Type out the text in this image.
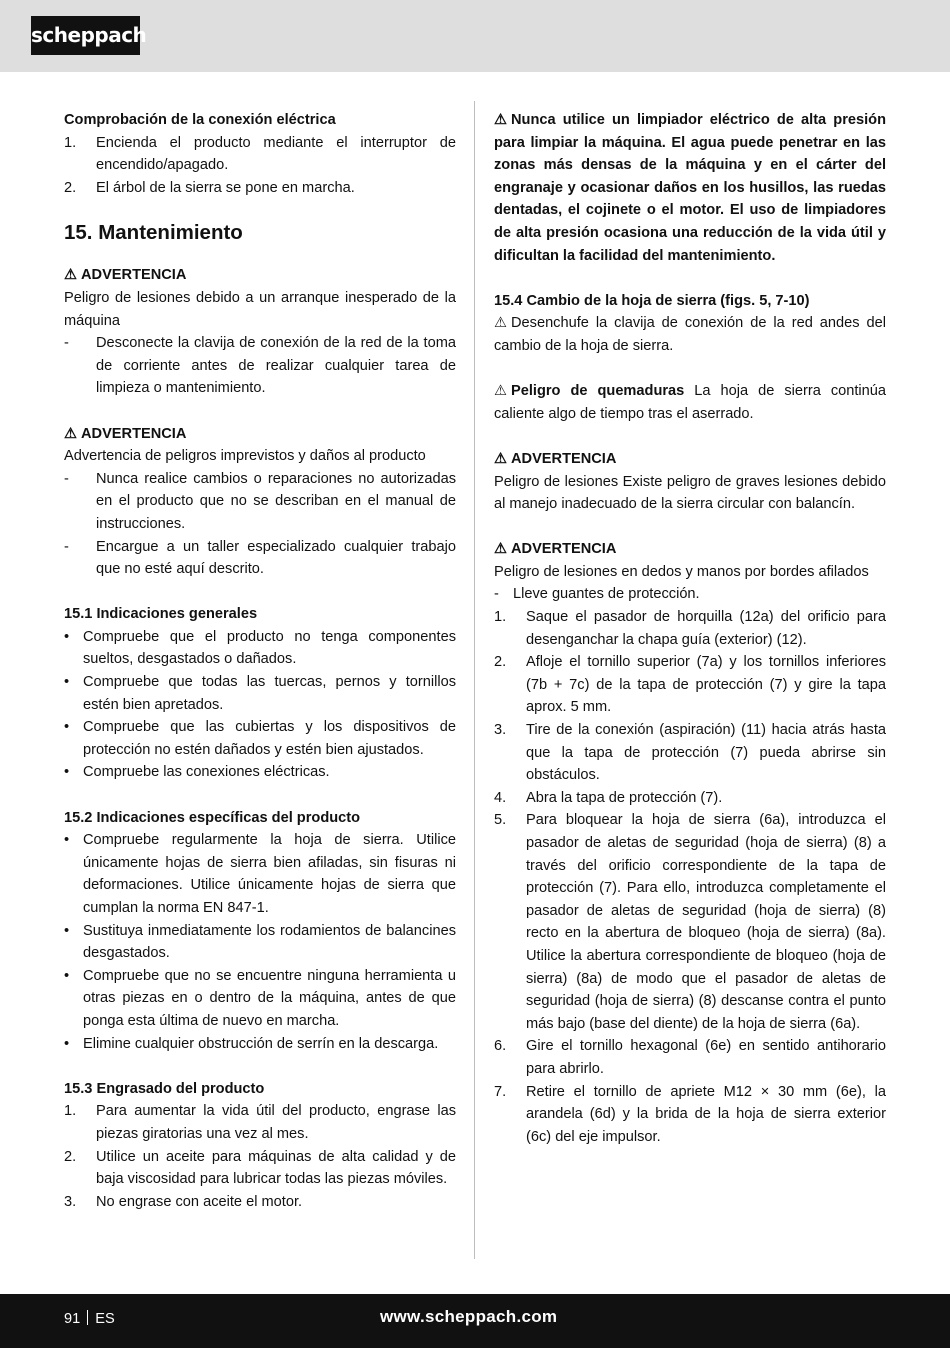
scheppach
Comprobación de la conexión eléctrica
1.	Encienda el producto mediante el interruptor de encendido/apagado.
2.	El árbol de la sierra se pone en marcha.
15. Mantenimiento
⚠ ADVERTENCIA
Peligro de lesiones debido a un arranque inesperado de la máquina
-	Desconecte la clavija de conexión de la red de la toma de corriente antes de realizar cualquier tarea de limpieza o mantenimiento.
⚠ ADVERTENCIA
Advertencia de peligros imprevistos y daños al producto
-	Nunca realice cambios o reparaciones no autorizadas en el producto que no se describan en el manual de instrucciones.
-	Encargue a un taller especializado cualquier trabajo que no esté aquí descrito.
15.1 Indicaciones generales
• Compruebe que el producto no tenga componentes sueltos, desgastados o dañados.
• Compruebe que todas las tuercas, pernos y tornillos estén bien apretados.
• Compruebe que las cubiertas y los dispositivos de protección no estén dañados y estén bien ajustados.
• Compruebe las conexiones eléctricas.
15.2 Indicaciones específicas del producto
• Compruebe regularmente la hoja de sierra. Utilice únicamente hojas de sierra bien afiladas, sin fisuras ni deformaciones. Utilice únicamente hojas de sierra que cumplan la norma EN 847-1.
• Sustituya inmediatamente los rodamientos de balancines desgastados.
• Compruebe que no se encuentre ninguna herramienta u otras piezas en o dentro de la máquina, antes de que ponga esta última de nuevo en marcha.
• Elimine cualquier obstrucción de serrín en la descarga.
15.3 Engrasado del producto
1.	Para aumentar la vida útil del producto, engrase las piezas giratorias una vez al mes.
2.	Utilice un aceite para máquinas de alta calidad y de baja viscosidad para lubricar todas las piezas móviles.
3.	No engrase con aceite el motor.
⚠ Nunca utilice un limpiador eléctrico de alta presión para limpiar la máquina. El agua puede penetrar en las zonas más densas de la máquina y en el cárter del engranaje y ocasionar daños en los husillos, las ruedas dentadas, el cojinete o el motor. El uso de limpiadores de alta presión ocasiona una reducción de la vida útil y dificultan la facilidad del mantenimiento.
15.4 Cambio de la hoja de sierra (figs. 5, 7-10)
⚠ Desenchufe la clavija de conexión de la red andes del cambio de la hoja de sierra.
⚠ Peligro de quemaduras La hoja de sierra continúa caliente algo de tiempo tras el aserrado.
⚠ ADVERTENCIA
Peligro de lesiones Existe peligro de graves lesiones debido al manejo inadecuado de la sierra circular con balancín.
⚠ ADVERTENCIA
Peligro de lesiones en dedos y manos por bordes afilados
- Lleve guantes de protección.
1.	Saque el pasador de horquilla (12a) del orificio para desenganchar la chapa guía (exterior) (12).
2.	Afloje el tornillo superior (7a) y los tornillos inferiores (7b + 7c) de la tapa de protección (7) y gire la tapa aprox. 5 mm.
3.	Tire de la conexión (aspiración) (11) hacia atrás hasta que la tapa de protección (7) pueda abrirse sin obstáculos.
4.	Abra la tapa de protección (7).
5.	Para bloquear la hoja de sierra (6a), introduzca el pasador de aletas de seguridad (hoja de sierra) (8) a través del orificio correspondiente de la tapa de protección (7). Para ello, introduzca completamente el pasador de aletas de seguridad (hoja de sierra) (8) recto en la abertura de bloqueo (hoja de sierra) (8a). Utilice la abertura correspondiente de bloqueo (hoja de sierra) (8a) de modo que el pasador de aletas de seguridad (hoja de sierra) (8) descanse contra el punto más bajo (base del diente) de la hoja de sierra (6a).
6.	Gire el tornillo hexagonal (6e) en sentido antihorario para abrirlo.
7.	Retire el tornillo de apriete M12 × 30 mm (6e), la arandela (6d) y la brida de la hoja de sierra exterior (6c) del eje impulsor.
91 ES	www.scheppach.com
